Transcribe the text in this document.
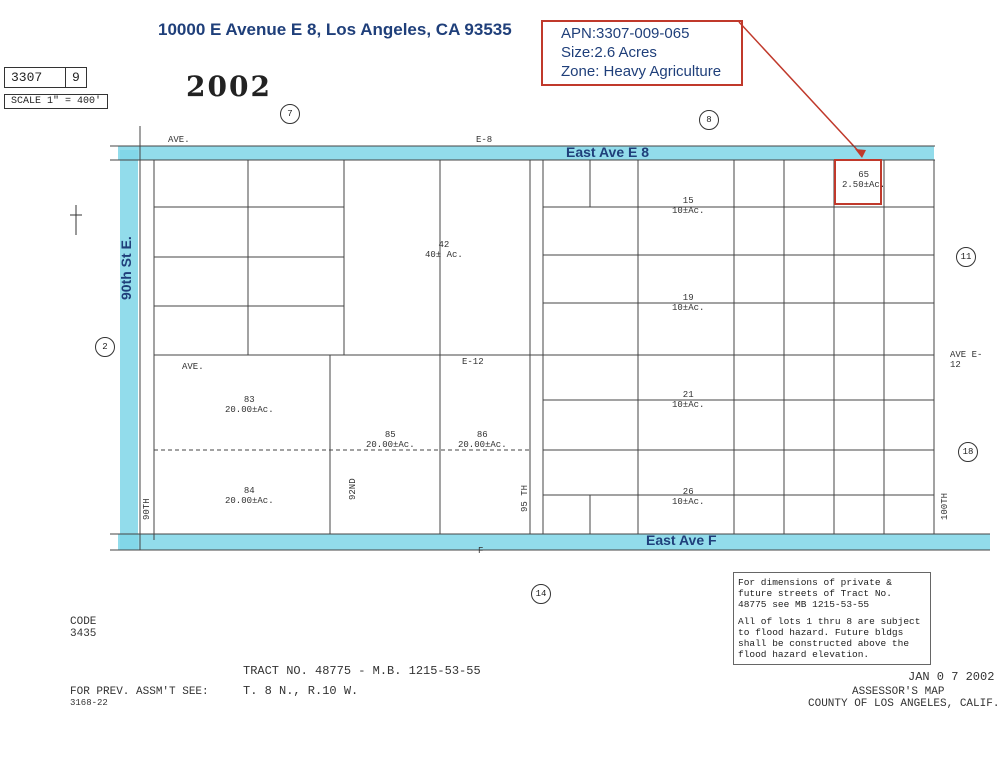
10000 E Avenue E 8, Los Angeles, CA 93535	APN:3307-009-065
Size:2.6 Acres
Zone: Heavy Agriculture
3307 9
SCALE 1" = 400'	2002
East Ave E 8
East Ave F
90th St E.
AVE.	E-8
AVE.	E-12
F
92ND	95 TH
90TH	100TH
AVE E-12
7
8
2
11
18
14
42
40± Ac.
83
20.00±Ac.
84
20.00±Ac.
85
20.00±Ac.
86
20.00±Ac.
15
10±Ac.
19
10±Ac.
21
10±Ac.
26
10±Ac.
65
2.50±Ac.
For dimensions of private & future streets of Tract No. 48775 see MB 1215-53-55
All of lots 1 thru 8 are subject to flood hazard. Future bldgs shall be constructed above the flood hazard elevation.
CODE
3435
TRACT NO. 48775 - M.B. 1215-53-55
T. 8 N., R.10 W.
FOR PREV. ASSM'T SEE:
3168-22
JAN 0 7 2002
ASSESSOR'S MAP
COUNTY OF LOS ANGELES, CALIF.
